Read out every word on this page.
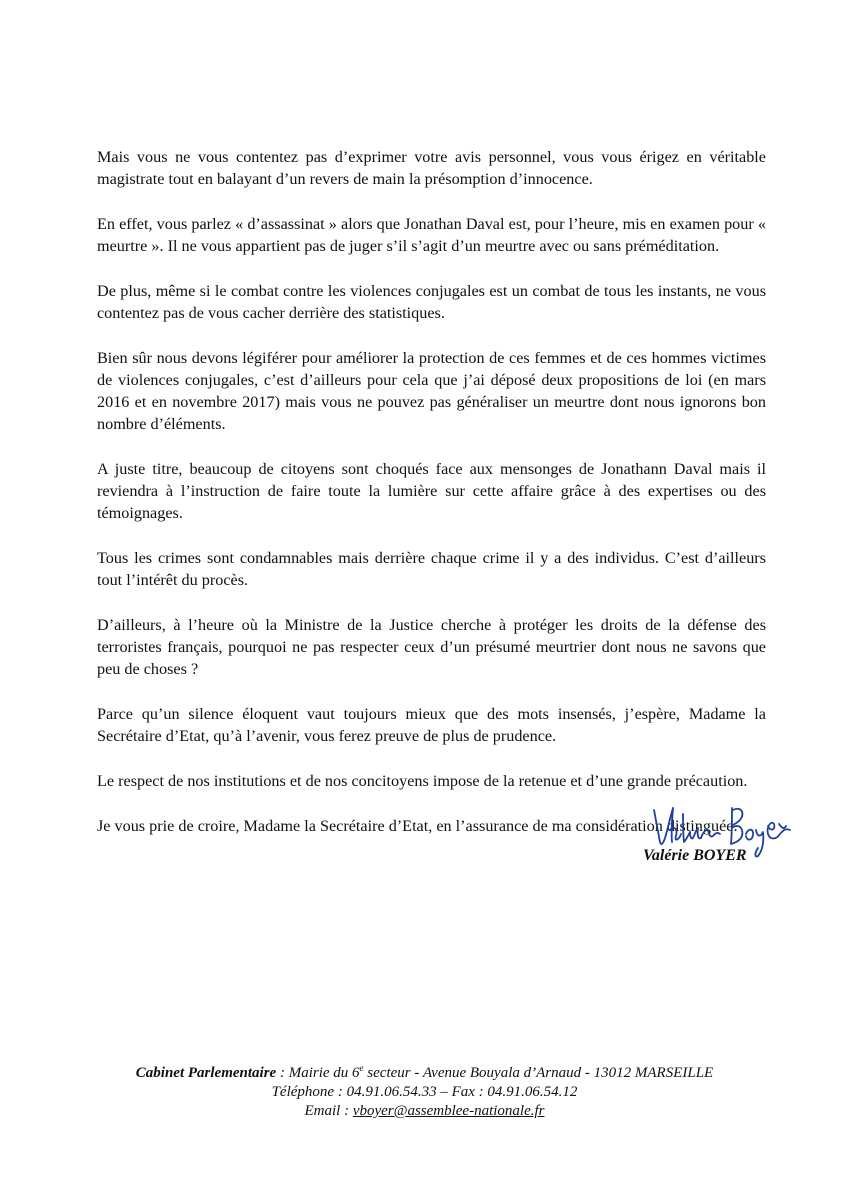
Mais vous ne vous contentez pas d’exprimer votre avis personnel, vous vous érigez en véritable magistrate tout en balayant d’un revers de main la présomption d’innocence.

En effet, vous parlez « d’assassinat » alors que Jonathan Daval est, pour l’heure, mis en examen pour « meurtre ». Il ne vous appartient pas de juger s’il s’agit d’un meurtre avec ou sans préméditation.

De plus, même si le combat contre les violences conjugales est un combat de tous les instants, ne vous contentez pas de vous cacher derrière des statistiques.

Bien sûr nous devons légiférer pour améliorer la protection de ces femmes et de ces hommes victimes de violences conjugales, c’est d’ailleurs pour cela que j’ai déposé deux propositions de loi (en mars 2016 et en novembre 2017) mais vous ne pouvez pas généraliser un meurtre dont nous ignorons bon nombre d’éléments.

A juste titre, beaucoup de citoyens sont choqués face aux mensonges de Jonathann Daval mais il reviendra à l’instruction de faire toute la lumière sur cette affaire grâce à des expertises ou des témoignages.

Tous les crimes sont condamnables mais derrière chaque crime il y a des individus. C’est d’ailleurs tout l’intérêt du procès.

D’ailleurs, à l’heure où la Ministre de la Justice cherche à protéger les droits de la défense des terroristes français, pourquoi ne pas respecter ceux d’un présumé meurtrier dont nous ne savons que peu de choses ?

Parce qu’un silence éloquent vaut toujours mieux que des mots insensés, j’espère, Madame la Secrétaire d’Etat, qu’à l’avenir, vous ferez preuve de plus de prudence.

Le respect de nos institutions et de nos concitoyens impose de la retenue et d’une grande précaution.

Je vous prie de croire, Madame la Secrétaire d’Etat, en l’assurance de ma considération distinguée.

Valérie BOYER
Cabinet Parlementaire : Mairie du 6e secteur - Avenue Bouyala d’Arnaud - 13012 MARSEILLE
Téléphone : 04.91.06.54.33 – Fax : 04.91.06.54.12
Email : vboyer@assemblee-nationale.fr
